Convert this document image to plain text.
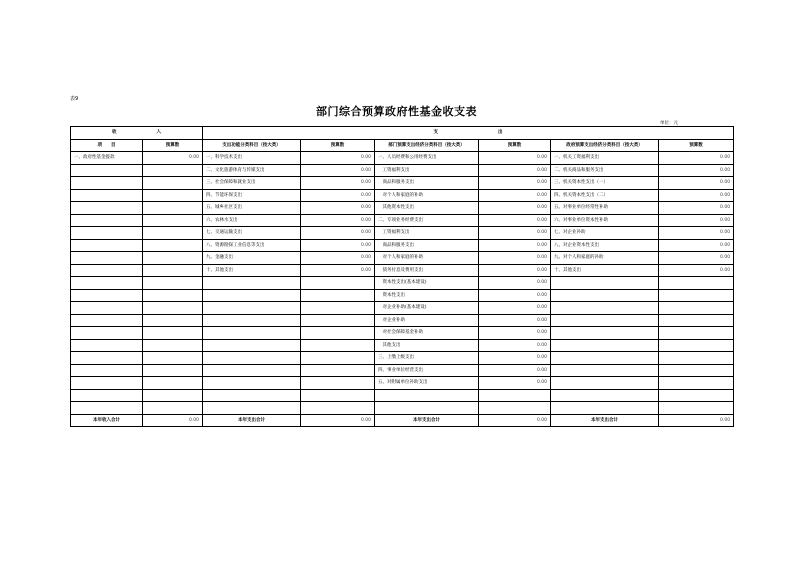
表9
部门综合预算政府性基金收支表
单位：元
收 入		支 出					
项　　目	预算数	支出功能分类科目（按大类）	预算数	部门预算支出经济分类科目（按大类）	预算数	政府预算支出经济分类科目（按大类）	预算数
一、政府性基金拨款	0.00	一、科学技术支出	0.00	一、人员经费和公用经费支出	0.00	一、机关工资福利支出	0.00
		二、文化旅游体育与传媒支出	0.00	　工资福利支出	0.00	二、机关商品和服务支出	0.00
		三、社会保障和就业支出	0.00	　商品和服务支出	0.00	三、机关资本性支出（一）	0.00
		四、节能环保支出	0.00	　对个人和家庭的补助	0.00	四、机关资本性支出（二）	0.00
		五、城乡社区支出	0.00	　其他资本性支出	0.00	五、对事业单位经常性补助	0.00
		六、农林水支出	0.00	二、专项业务经费支出	0.00	六、对事业单位资本性补助	0.00
		七、交通运输支出	0.00	　工资福利支出	0.00	七、对企业补助	0.00
		八、资源勘探工业信息等支出	0.00	　商品和服务支出	0.00	八、对企业资本性支出	0.00
		九、金融支出	0.00	　对个人和家庭的补助	0.00	九、对个人和家庭的补助	0.00
		十、其他支出	0.00	　债务付息及费用支出	0.00	十、其他支出	0.00
				　资本性支出(基本建设)	0.00		
				　资本性支出	0.00		
				　对企业补助(基本建设)	0.00		
				　对企业补助	0.00		
				　对社会保障基金补助	0.00		
				　其他支出	0.00		
				三、上缴上级支出	0.00		
				四、事业单位经营支出	0.00		
				五、对附属单位补助支出	0.00		

本年收入合计	0.00	本年支出合计	0.00	本年支出合计	0.00	本年支出合计	0.00
